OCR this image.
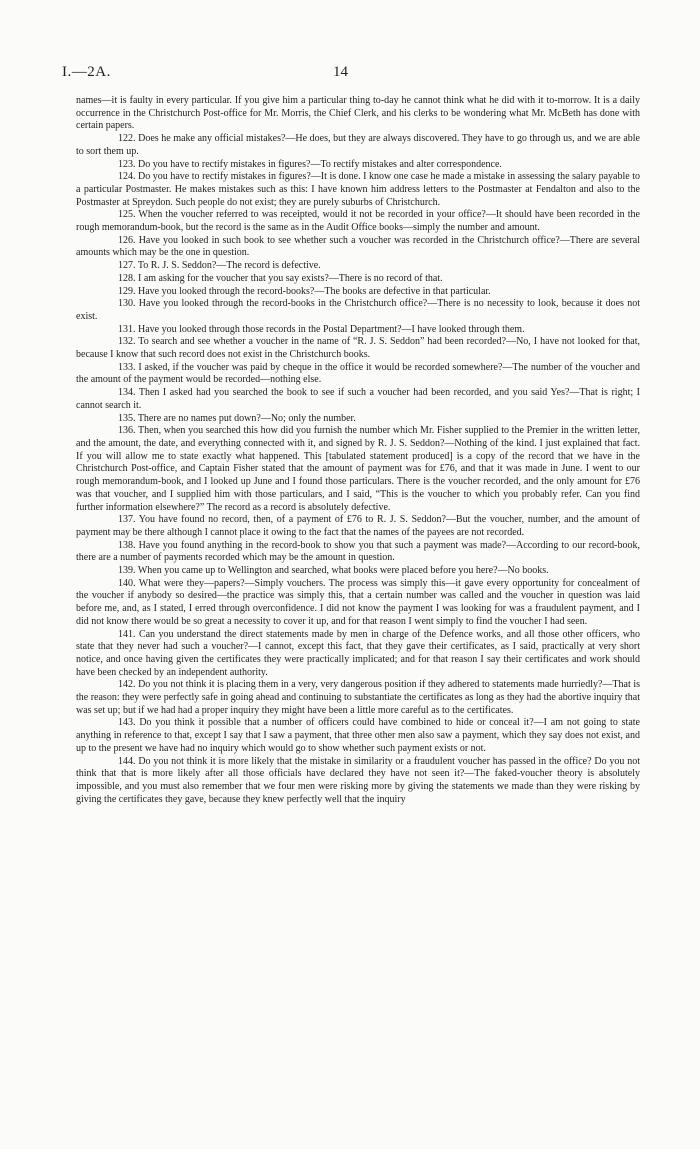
I.—2A.	14

names—it is faulty in every particular. If you give him a particular thing to-day he cannot think what he did with it to-morrow. It is a daily occurrence in the Christchurch Post-office for Mr. Morris, the Chief Clerk, and his clerks to be wondering what Mr. McBeth has done with certain papers.

122. Does he make any official mistakes?—He does, but they are always discovered. They have to go through us, and we are able to sort them up.

123. Do you have to rectify mistakes in figures?—To rectify mistakes and alter correspondence.

124. Do you have to rectify mistakes in figures?—It is done. I know one case he made a mistake in assessing the salary payable to a particular Postmaster. He makes mistakes such as this: I have known him address letters to the Postmaster at Fendalton and also to the Postmaster at Spreydon. Such people do not exist; they are purely suburbs of Christchurch.

125. When the voucher referred to was receipted, would it not be recorded in your office?—It should have been recorded in the rough memorandum-book, but the record is the same as in the Audit Office books—simply the number and amount.

126. Have you looked in such book to see whether such a voucher was recorded in the Christchurch office?—There are several amounts which may be the one in question.

127. To R. J. S. Seddon?—The record is defective.

128. I am asking for the voucher that you say exists?—There is no record of that.

129. Have you looked through the record-books?—The books are defective in that particular.

130. Have you looked through the record-books in the Christchurch office?—There is no necessity to look, because it does not exist.

131. Have you looked through those records in the Postal Department?—I have looked through them.

132. To search and see whether a voucher in the name of “R. J. S. Seddon” had been recorded?—No, I have not looked for that, because I know that such record does not exist in the Christchurch books.

133. I asked, if the voucher was paid by cheque in the office it would be recorded somewhere?—The number of the voucher and the amount of the payment would be recorded—nothing else.

134. Then I asked had you searched the book to see if such a voucher had been recorded, and you said Yes?—That is right; I cannot search it.

135. There are no names put down?—No; only the number.

136. Then, when you searched this how did you furnish the number which Mr. Fisher supplied to the Premier in the written letter, and the amount, the date, and everything connected with it, and signed by R. J. S. Seddon?—Nothing of the kind. I just explained that fact. If you will allow me to state exactly what happened. This [tabulated statement produced] is a copy of the record that we have in the Christchurch Post-office, and Captain Fisher stated that the amount of payment was for £76, and that it was made in June. I went to our rough memorandum-book, and I looked up June and I found those particulars. There is the voucher recorded, and the only amount for £76 was that voucher, and I supplied him with those particulars, and I said, “This is the voucher to which you probably refer. Can you find further information elsewhere?” The record as a record is absolutely defective.

137. You have found no record, then, of a payment of £76 to R. J. S. Seddon?—But the voucher, number, and the amount of payment may be there although I cannot place it owing to the fact that the names of the payees are not recorded.

138. Have you found anything in the record-book to show you that such a payment was made?—According to our record-book, there are a number of payments recorded which may be the amount in question.

139. When you came up to Wellington and searched, what books were placed before you here?—No books.

140. What were they—papers?—Simply vouchers. The process was simply this—it gave every opportunity for concealment of the voucher if anybody so desired—the practice was simply this, that a certain number was called and the voucher in question was laid before me, and, as I stated, I erred through overconfidence. I did not know the payment I was looking for was a fraudulent payment, and I did not know there would be so great a necessity to cover it up, and for that reason I went simply to find the voucher I had seen.

141. Can you understand the direct statements made by men in charge of the Defence works, and all those other officers, who state that they never had such a voucher?—I cannot, except this fact, that they gave their certificates, as I said, practically at very short notice, and once having given the certificates they were practically implicated; and for that reason I say their certificates and work should have been checked by an independent authority.

142. Do you not think it is placing them in a very, very dangerous position if they adhered to statements made hurriedly?—That is the reason: they were perfectly safe in going ahead and continuing to substantiate the certificates as long as they had the abortive inquiry that was set up; but if we had had a proper inquiry they might have been a little more careful as to the certificates.

143. Do you think it possible that a number of officers could have combined to hide or conceal it?—I am not going to state anything in reference to that, except I say that I saw a payment, that three other men also saw a payment, which they say does not exist, and up to the present we have had no inquiry which would go to show whether such payment exists or not.

144. Do you not think it is more likely that the mistake in similarity or a fraudulent voucher has passed in the office? Do you not think that that is more likely after all those officials have declared they have not seen it?—The faked-voucher theory is absolutely impossible, and you must also remember that we four men were risking more by giving the statements we made than they were risking by giving the certificates they gave, because they knew perfectly well that the inquiry
